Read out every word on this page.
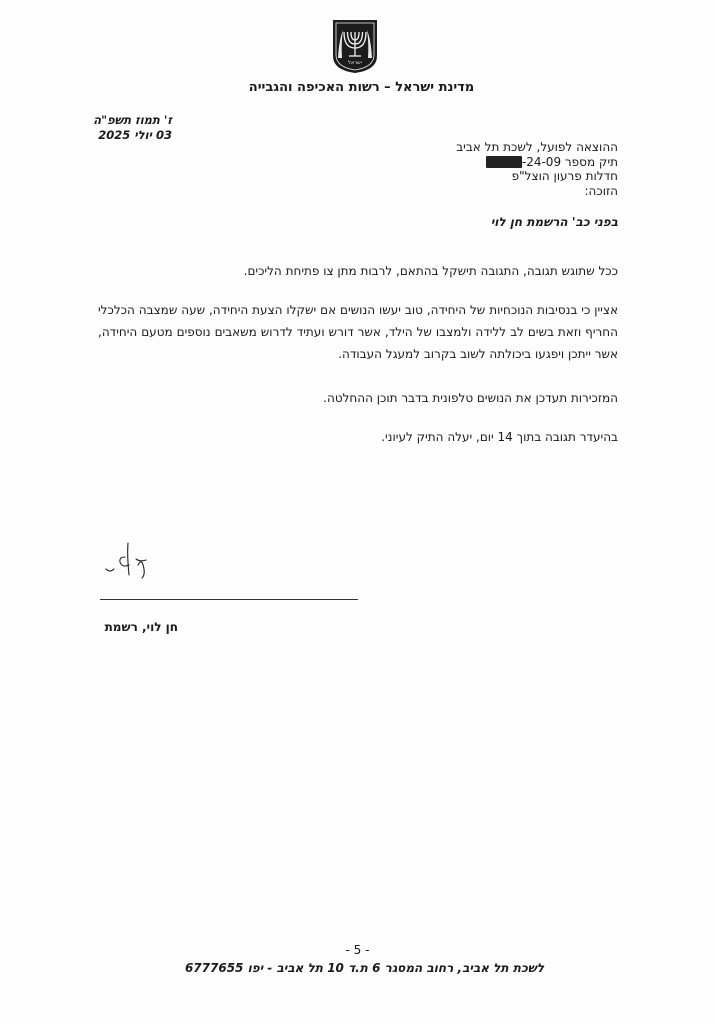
ישראל
מדינת ישראל – רשות האכיפה והגבייה
ז' תמוז תשפ"ה
03 יולי 2025
ההוצאה לפועל, לשכת תל אביב
תיק מספר 24-09-
חדלות פרעון הוצל"פ
הזוכה:
בפני כב' הרשמת חן לוי
ככל שתוגש תגובה, התגובה תישקל בהתאם, לרבות מתן צו פתיחת הליכים.
אציין כי בנסיבות הנוכחיות של היחידה, טוב יעשו הנושים אם ישקלו הצעת היחידה, שעה שמצבה הכלכלי החריף וזאת בשים לב ללידה ולמצבו של הילד, אשר דורש ועתיד לדרוש משאבים נוספים מטעם היחידה, אשר ייתכן ויפגעו ביכולתה לשוב בקרוב למעגל העבודה.
המזכירות תעדכן את הנושים טלפונית בדבר תוכן ההחלטה.
בהיעדר תגובה בתוך 14 יום, יעלה התיק לעיוני.
חן לוי, רשמת
- 5 -
לשכת תל אביב, רחוב המסגר 6 ת.ד 10 תל אביב - יפו 6777655
